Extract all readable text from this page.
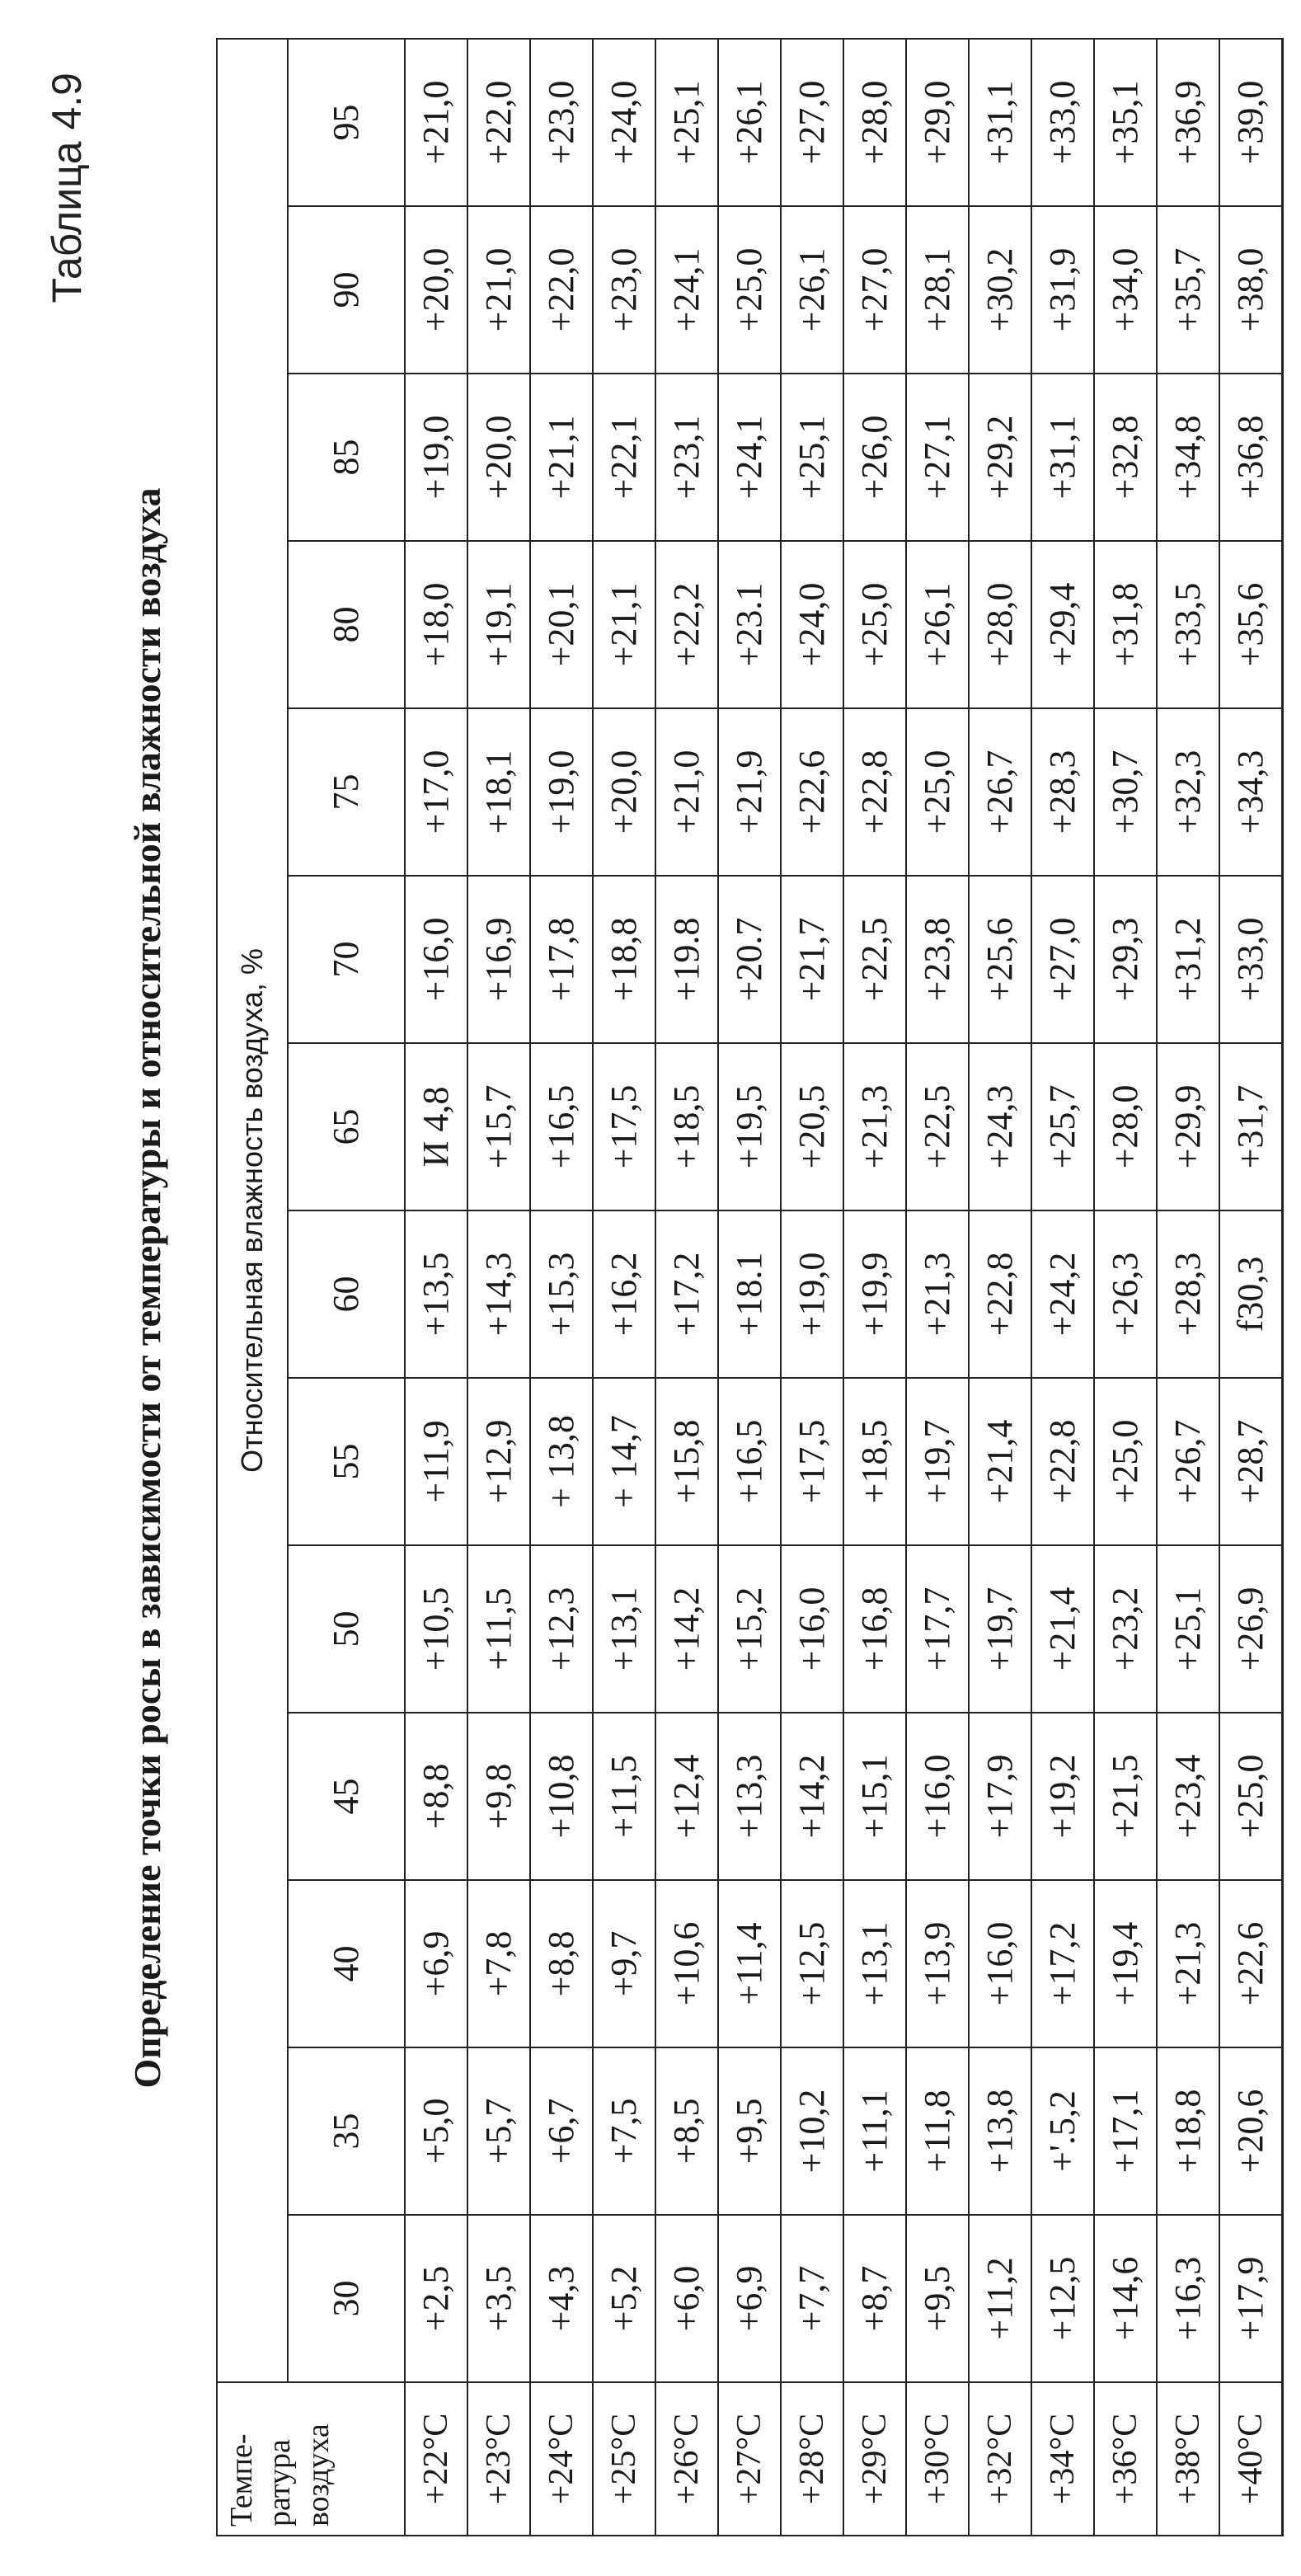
Таблица 4.9
Определение точки росы в зависимости от температуры и относительной влажности воздуха
Темпе- ратура воздуха	Относительная влажность воздуха, %													
	30	35	40	45	50	55	60	65	70	75	80	85	90	95
+22°C	+2,5	+5,0	+6,9	+8,8	+10,5	+11,9	+13,5	И 4,8	+16,0	+17,0	+18,0	+19,0	+20,0	+21,0
+23°C	+3,5	+5,7	+7,8	+9,8	+11,5	+12,9	+14,3	+15,7	+16,9	+18,1	+19,1	+20,0	+21,0	+22,0
+24°C	+4,3	+6,7	+8,8	+10,8	+12,3	+ 13,8	+15,3	+16,5	+17,8	+19,0	+20,1	+21,1	+22,0	+23,0
+25°C	+5,2	+7,5	+9,7	+11,5	+13,1	+ 14,7	+16,2	+17,5	+18,8	+20,0	+21,1	+22,1	+23,0	+24,0
+26°C	+6,0	+8,5	+10,6	+12,4	+14,2	+15,8	+17,2	+18,5	+19.8	+21,0	+22,2	+23,1	+24,1	+25,1
+27°C	+6,9	+9,5	+11,4	+13,3	+15,2	+16,5	+18.1	+19,5	+20.7	+21,9	+23.1	+24,1	+25,0	+26,1
+28°C	+7,7	+10,2	+12,5	+14,2	+16,0	+17,5	+19,0	+20,5	+21,7	+22,6	+24,0	+25,1	+26,1	+27,0
+29°C	+8,7	+11,1	+13,1	+15,1	+16,8	+18,5	+19,9	+21,3	+22,5	+22,8	+25,0	+26,0	+27,0	+28,0
+30°C	+9,5	+11,8	+13,9	+16,0	+17,7	+19,7	+21,3	+22,5	+23,8	+25,0	+26,1	+27,1	+28,1	+29,0
+32°C	+11,2	+13,8	+16,0	+17,9	+19,7	+21,4	+22,8	+24,3	+25,6	+26,7	+28,0	+29,2	+30,2	+31,1
+34°C	+12,5	+'.5,2	+17,2	+19,2	+21,4	+22,8	+24,2	+25,7	+27,0	+28,3	+29,4	+31,1	+31,9	+33,0
+36°C	+14,6	+17,1	+19,4	+21,5	+23,2	+25,0	+26,3	+28,0	+29,3	+30,7	+31,8	+32,8	+34,0	+35,1
+38°C	+16,3	+18,8	+21,3	+23,4	+25,1	+26,7	+28,3	+29,9	+31,2	+32,3	+33,5	+34,8	+35,7	+36,9
+40°C	+17,9	+20,6	+22,6	+25,0	+26,9	+28,7	f30,3	+31,7	+33,0	+34,3	+35,6	+36,8	+38,0	+39,0
